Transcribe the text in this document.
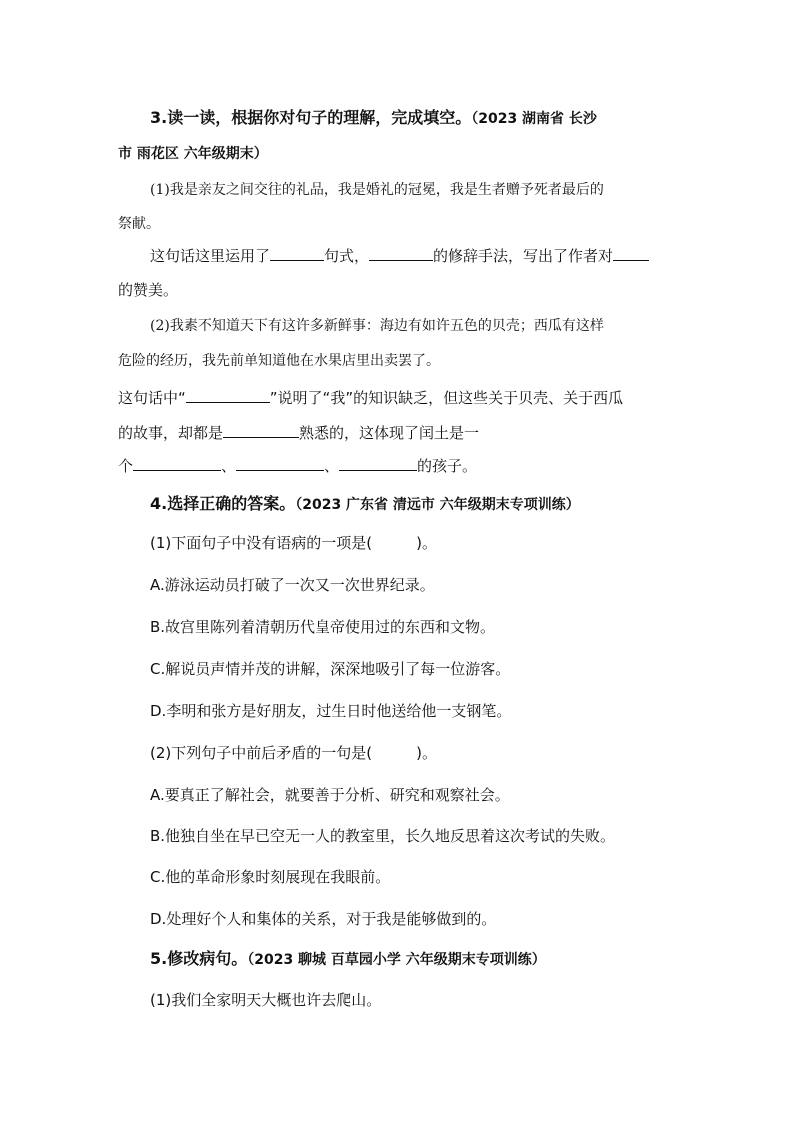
3.读一读，根据你对句子的理解，完成填空。（2023 湖南省 长沙
市 雨花区 六年级期末）
(1)我是亲友之间交往的礼品，我是婚礼的冠冕，我是生者赠予死者最后的
祭献。
这句话这里运用了	句式，	的修辞手法，写出了作者对
的赞美。
(2)我素不知道天下有这许多新鲜事：海边有如许五色的贝壳；西瓜有这样
危险的经历，我先前单知道他在水果店里出卖罢了。
这句话中“	”说明了“我”的知识缺乏，但这些关于贝壳、关于西瓜
的故事，却都是	熟悉的，这体现了闰土是一
个	、	、	的孩子。
4.选择正确的答案。（2023 广东省 清远市 六年级期末专项训练）
(1)下面句子中没有语病的一项是(	)。
A.游泳运动员打破了一次又一次世界纪录。
B.故宫里陈列着清朝历代皇帝使用过的东西和文物。
C.解说员声情并茂的讲解，深深地吸引了每一位游客。
D.李明和张方是好朋友，过生日时他送给他一支钢笔。
(2)下列句子中前后矛盾的一句是(	)。
A.要真正了解社会，就要善于分析、研究和观察社会。
B.他独自坐在早已空无一人的教室里，长久地反思着这次考试的失败。
C.他的革命形象时刻展现在我眼前。
D.处理好个人和集体的关系，对于我是能够做到的。
5.修改病句。（2023 聊城 百草园小学 六年级期末专项训练）
(1)我们全家明天大概也许去爬山。
